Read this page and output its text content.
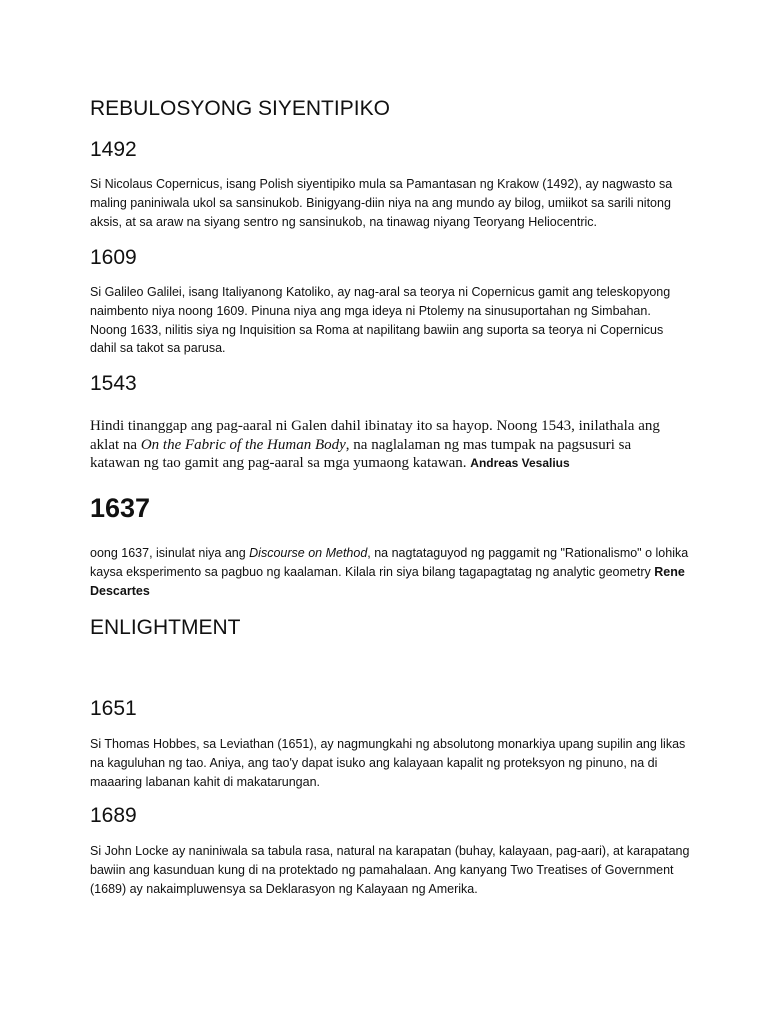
REBULOSYONG SIYENTIPIKO
1492

Si Nicolaus Copernicus, isang Polish siyentipiko mula sa Pamantasan ng Krakow (1492), ay nagwasto sa maling paniniwala ukol sa sansinukob. Binigyang-diin niya na ang mundo ay bilog, umiikot sa sarili nitong aksis, at sa araw na siyang sentro ng sansinukob, na tinawag niyang Teoryang Heliocentric.

1609

Si Galileo Galilei, isang Italiyanong Katoliko, ay nag-aral sa teorya ni Copernicus gamit ang teleskopyong naimbento niya noong 1609. Pinuna niya ang mga ideya ni Ptolemy na sinusuportahan ng Simbahan. Noong 1633, nilitis siya ng Inquisition sa Roma at napilitang bawiin ang suporta sa teorya ni Copernicus dahil sa takot sa parusa.

1543

Hindi tinanggap ang pag-aaral ni Galen dahil ibinatay ito sa hayop. Noong 1543, inilathala ang aklat na On the Fabric of the Human Body, na naglalaman ng mas tumpak na pagsusuri sa katawan ng tao gamit ang pag-aaral sa mga yumaong katawan. Andreas Vesalius

1637

oong 1637, isinulat niya ang Discourse on Method, na nagtataguyod ng paggamit ng "Rationalismo" o lohika kaysa eksperimento sa pagbuo ng kaalaman. Kilala rin siya bilang tagapagtatag ng analytic geometry Rene Descartes

ENLIGHTMENT
1651

Si Thomas Hobbes, sa Leviathan (1651), ay nagmungkahi ng absolutong monarkiya upang supilin ang likas na kaguluhan ng tao. Aniya, ang tao'y dapat isuko ang kalayaan kapalit ng proteksyon ng pinuno, na di maaaring labanan kahit di makatarungan.

1689

Si John Locke ay naniniwala sa tabula rasa, natural na karapatan (buhay, kalayaan, pag-aari), at karapatang bawiin ang kasunduan kung di na protektado ng pamahalaan. Ang kanyang Two Treatises of Government (1689) ay nakaimpluwensya sa Deklarasyon ng Kalayaan ng Amerika.
